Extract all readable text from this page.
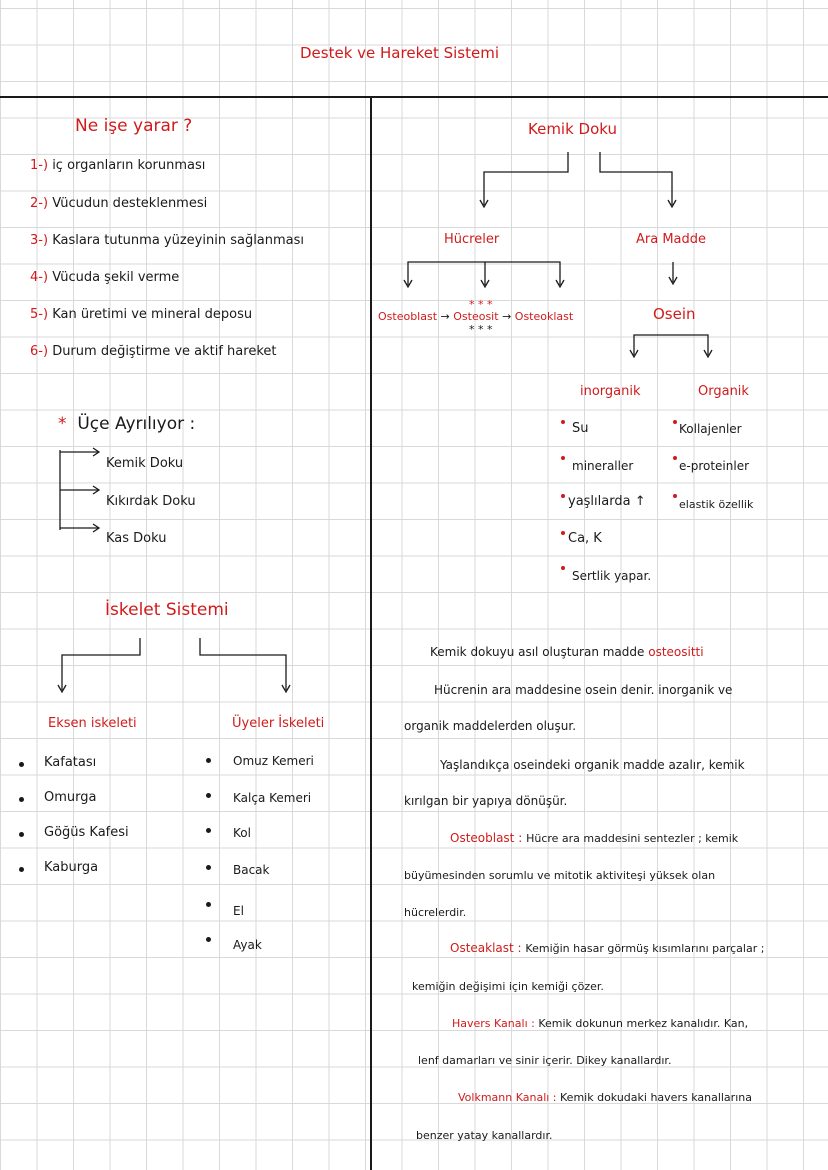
Destek ve Hareket Sistemi
Ne işe yarar ?
1-) iç organların korunması
2-) Vücudun desteklenmesi
3-) Kaslara tutunma yüzeyinin sağlanması
4-) Vücuda şekil verme
5-) Kan üretimi ve mineral deposu
6-) Durum değiştirme ve aktif hareket
* Üçe Ayrılıyor :
Kemik Doku
Kıkırdak Doku
Kas Doku
İskelet Sistemi
Eksen iskeleti	Üyeler İskeleti
Kafatası
Omurga
Göğüs Kafesi
Kaburga
Omuz Kemeri
Kalça Kemeri
Kol
Bacak
El
Ayak
Kemik Doku
Hücreler	Ara Madde
* * *
Osteoblast → Osteosit → Osteoklast
* * *
Osein
inorganik	Organik
Su
mineraller
yaşlılarda ↑
Ca, K
Sertlik yapar.
Kollajenler
e-proteinler
elastik özellik
Kemik dokuyu asıl oluşturan madde osteositti
Hücrenin ara maddesine osein denir. inorganik ve
organik maddelerden oluşur.
Yaşlandıkça oseindeki organik madde azalır, kemik
kırılgan bir yapıya dönüşür.
Osteoblast : Hücre ara maddesini sentezler ; kemik
büyümesinden sorumlu ve mitotik aktiviteşi yüksek olan
hücrelerdir.
Osteaklast : Kemiğin hasar görmüş kısımlarını parçalar ;
kemiğin değişimi için kemiği çözer.
Havers Kanalı : Kemik dokunun merkez kanalıdır. Kan,
lenf damarları ve sinir içerir. Dikey kanallardır.
Volkmann Kanalı : Kemik dokudaki havers kanallarına
benzer yatay kanallardır.
